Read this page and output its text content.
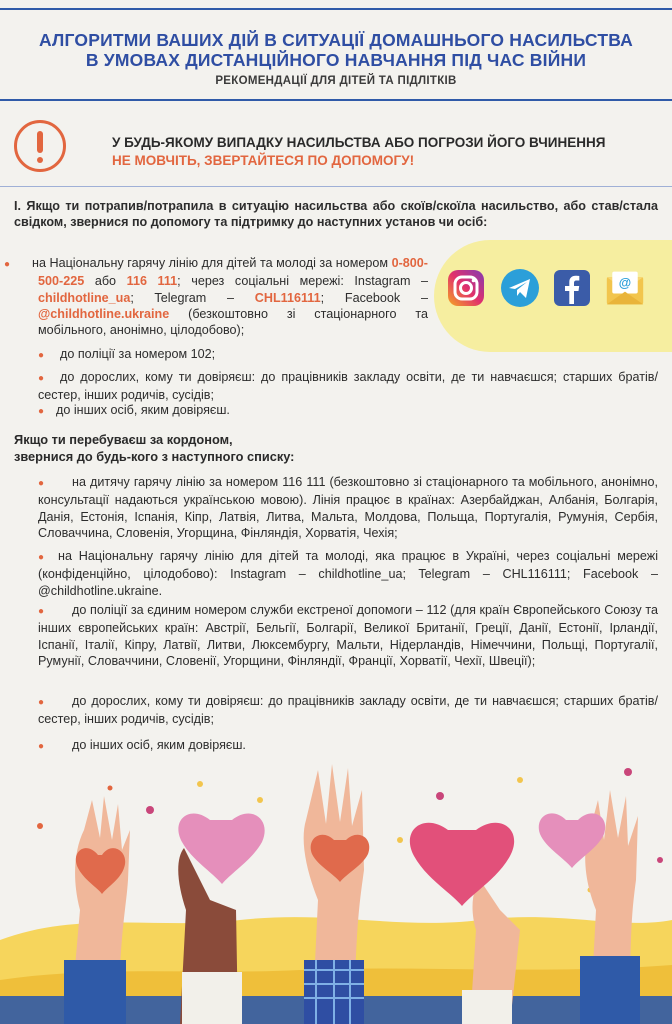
АЛГОРИТМИ ВАШИХ ДІЙ В СИТУАЦІЇ ДОМАШНЬОГО НАСИЛЬСТВА
В УМОВАХ ДИСТАНЦІЙНОГО НАВЧАННЯ ПІД ЧАС ВІЙНИ
РЕКОМЕНДАЦІЇ ДЛЯ ДІТЕЙ ТА ПІДЛІТКІВ
У БУДЬ-ЯКОМУ ВИПАДКУ НАСИЛЬСТВА АБО ПОГРОЗИ ЙОГО ВЧИНЕННЯ
НЕ МОВЧІТЬ, ЗВЕРТАЙТЕСЯ ПО ДОПОМОГУ!
I. Якщо ти потрапив/потрапила в ситуацію насильства або скоїв/скоїла насильство, або став/стала свідком, звернися по допомогу та підтримку до наступних установ чи осіб:
@
● на Національну гарячу лінію для дітей та молоді за номером 0-800-500-225 або 116 111; через соціальні мережі: Instagram – childhotline_ua; Telegram – CHL116111; Facebook – @childhotline.ukraine (безкоштовно зі стаціонарного та мобільного, анонімно, цілодобово);
● до поліції за номером 102;
● до дорослих, кому ти довіряєш: до працівників закладу освіти, де ти навчаєшся; старших братів/сестер, інших родичів, сусідів;
● до інших осіб, яким довіряєш.
Якщо ти перебуваєш за кордоном,
звернися до будь-кого з наступного списку:
● на дитячу гарячу лінію за номером 116 111 (безкоштовно зі стаціонарного та мобільного, анонімно, консультації надаються українською мовою). Лінія працює в країнах: Азербайджан, Албанія, Болгарія, Данія, Естонія, Іспанія, Кіпр, Латвія, Литва, Мальта, Молдова, Польща, Португалія, Румунія, Сербія, Словаччина, Словенія, Угорщина, Фінляндія, Хорватія, Чехія;
● на Національну гарячу лінію для дітей та молоді, яка працює в Україні, через соціальні мережі (конфіденційно, цілодобово): Instagram – childhotline_ua; Telegram – CHL116111; Facebook – @childhotline.ukraine.
● до поліції за єдиним номером служби екстреної допомоги – 112 (для країн Європейського Союзу та інших європейських країн: Австрії, Бельгії, Болгарії, Великої Британії, Греції, Данії, Естонії, Ірландії, Іспанії, Італії, Кіпру, Латвії, Литви, Люксембургу, Мальти, Нідерландів, Німеччини, Польщі, Португалії, Румунії, Словаччини, Словенії, Угорщини, Фінляндії, Франції, Хорватії, Чехії, Швеції);
● до дорослих, кому ти довіряєш: до працівників закладу освіти, де ти навчаєшся; старших братів/сестер, інших родичів, сусідів;
● до інших осіб, яким довіряєш.
